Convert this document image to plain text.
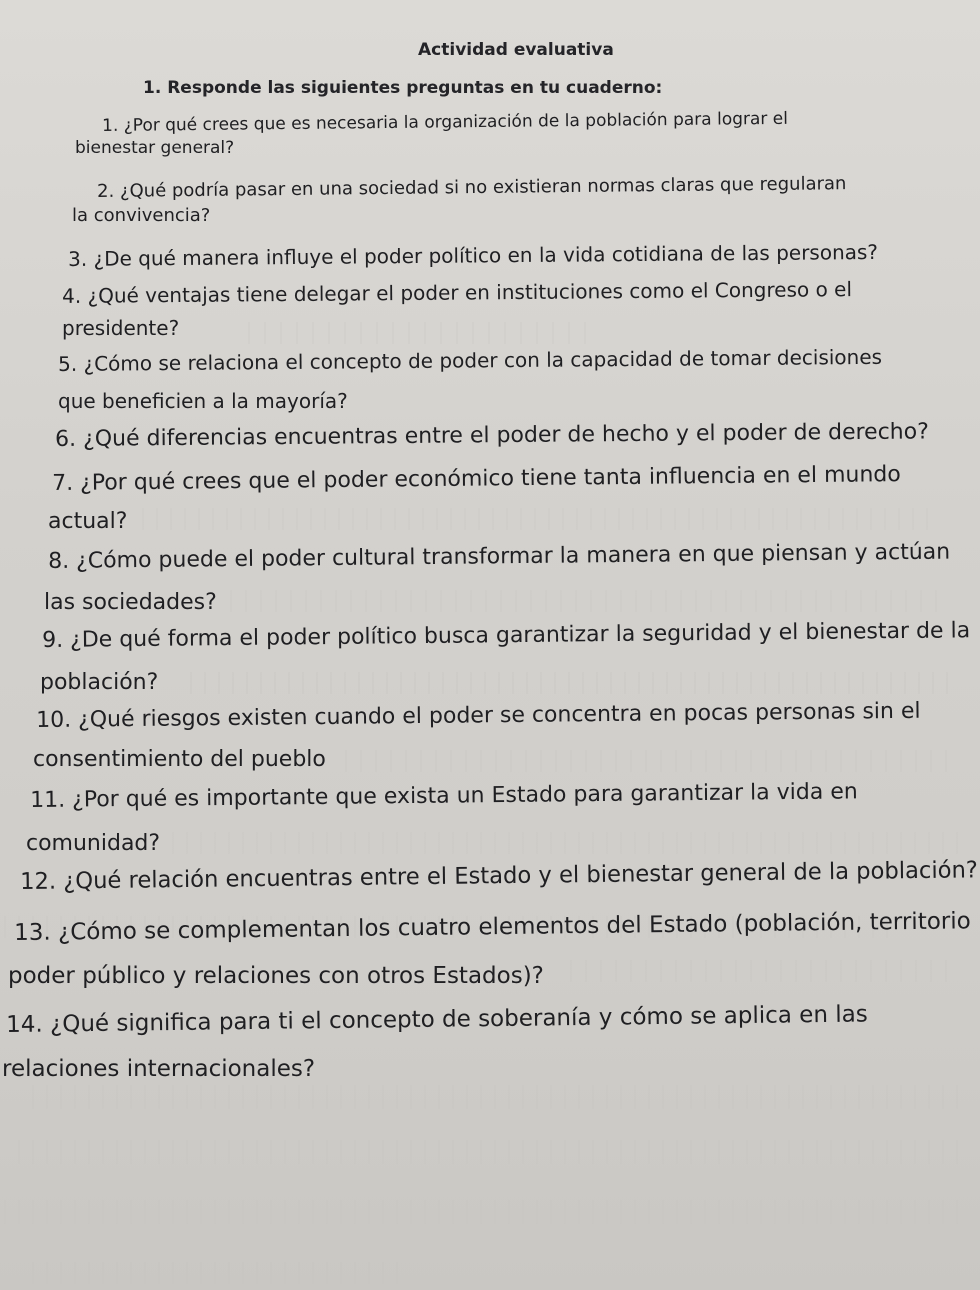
Actividad evaluativa

1. Responde las siguientes preguntas en tu cuaderno:

1. ¿Por qué crees que es necesaria la organización de la población para lograr el

bienestar general?

2. ¿Qué podría pasar en una sociedad si no existieran normas claras que regularan

la convivencia?

3. ¿De qué manera influye el poder político en la vida cotidiana de las personas?

4. ¿Qué ventajas tiene delegar el poder en instituciones como el Congreso o el

presidente?

5. ¿Cómo se relaciona el concepto de poder con la capacidad de tomar decisiones

que beneficien a la mayoría?

6. ¿Qué diferencias encuentras entre el poder de hecho y el poder de derecho?

7. ¿Por qué crees que el poder económico tiene tanta influencia en el mundo

actual?

8. ¿Cómo puede el poder cultural transformar la manera en que piensan y actúan

las sociedades?

9. ¿De qué forma el poder político busca garantizar la seguridad y el bienestar de la

población?

10. ¿Qué riesgos existen cuando el poder se concentra en pocas personas sin el

consentimiento del pueblo

11. ¿Por qué es importante que exista un Estado para garantizar la vida en

comunidad?

12. ¿Qué relación encuentras entre el Estado y el bienestar general de la población?

13. ¿Cómo se complementan los cuatro elementos del Estado (población, territorio

poder público y relaciones con otros Estados)?

14. ¿Qué significa para ti el concepto de soberanía y cómo se aplica en las

relaciones internacionales?
